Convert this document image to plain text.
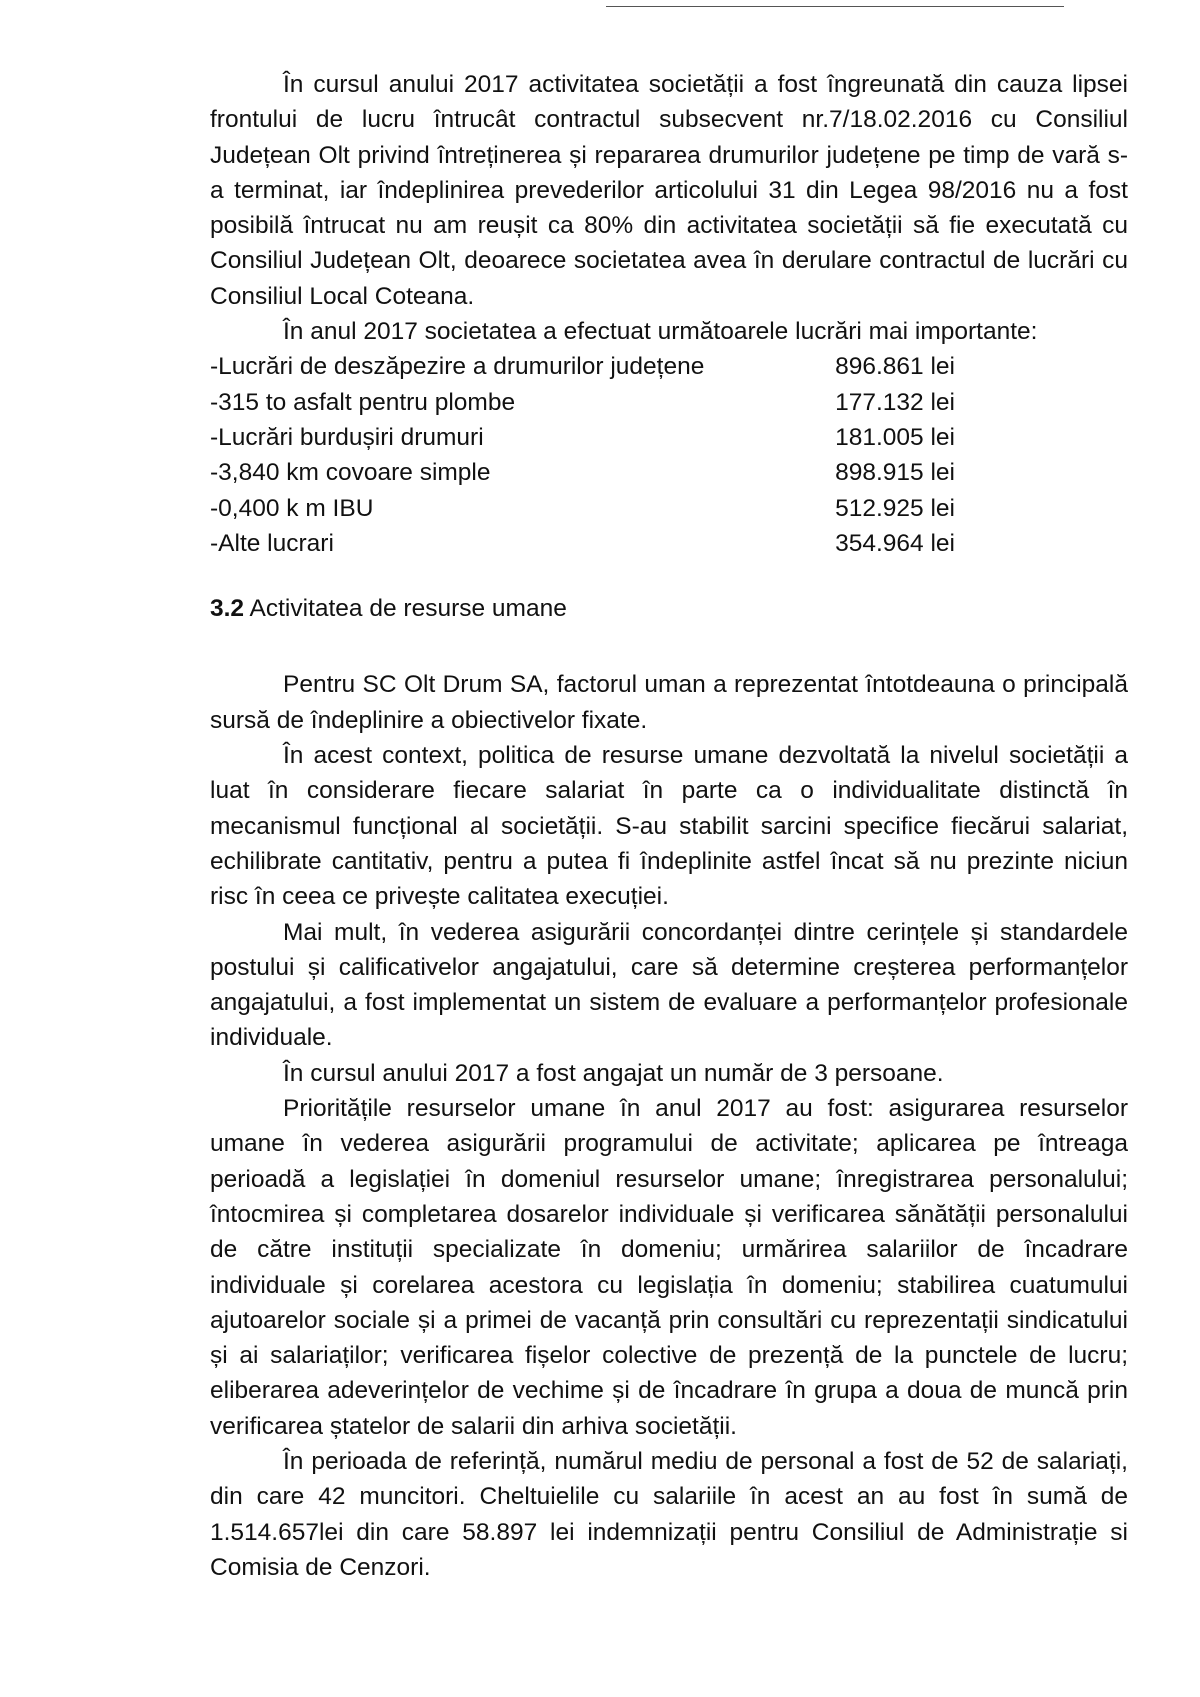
În cursul anului 2017 activitatea societății a fost îngreunată din cauza lipsei frontului de lucru întrucât contractul subsecvent nr.7/18.02.2016 cu Consiliul Județean Olt privind întreținerea și repararea drumurilor județene pe timp de vară s-a terminat, iar îndeplinirea prevederilor articolului 31 din Legea 98/2016 nu a fost posibilă întrucat nu am reușit ca 80% din activitatea societății să fie executată cu Consiliul Județean Olt, deoarece societatea avea în derulare contractul de lucrări cu Consiliul Local Coteana.

În anul 2017 societatea a efectuat următoarele lucrări mai importante:

-Lucrări de deszăpezire a drumurilor județene	896.861 lei
-315 to asfalt pentru plombe	177.132 lei
-Lucrări burdușiri drumuri	181.005 lei
-3,840 km covoare simple	898.915 lei
-0,400 k m IBU	512.925 lei
-Alte lucrari	354.964 lei
3.2 Activitatea de resurse umane

Pentru SC Olt Drum SA, factorul uman a reprezentat întotdeauna o principală sursă de îndeplinire a obiectivelor fixate.

În acest context, politica de resurse umane dezvoltată la nivelul societății a luat în considerare fiecare salariat în parte ca o individualitate distinctă în mecanismul funcțional al societății. S-au stabilit sarcini specifice fiecărui salariat, echilibrate cantitativ, pentru a putea fi îndeplinite astfel încat să nu prezinte niciun risc în ceea ce privește calitatea execuției.

Mai mult, în vederea asigurării concordanței dintre cerințele și standardele postului și calificativelor angajatului, care să determine creșterea performanțelor angajatului, a fost implementat un sistem de evaluare a performanțelor profesionale individuale.

În cursul anului 2017 a fost angajat un număr de 3 persoane.

Prioritățile resurselor umane în anul 2017 au fost: asigurarea resurselor umane în vederea asigurării programului de activitate; aplicarea pe întreaga perioadă a legislației în domeniul resurselor umane; înregistrarea personalului; întocmirea și completarea dosarelor individuale și verificarea sănătății personalului de către instituții specializate în domeniu; urmărirea salariilor de încadrare individuale și corelarea acestora cu legislația în domeniu; stabilirea cuatumului ajutoarelor sociale și a primei de vacanță prin consultări cu reprezentații sindicatului și ai salariaților; verificarea fișelor colective de prezență de la punctele de lucru; eliberarea adeverințelor de vechime și de încadrare în grupa a doua de muncă prin verificarea ștatelor de salarii din arhiva societății.

În perioada de referință, numărul mediu de personal a fost de 52 de salariați, din care 42 muncitori. Cheltuielile cu salariile în acest an au fost în sumă de 1.514.657lei din care 58.897 lei indemnizații pentru Consiliul de Administrație si Comisia de Cenzori.
